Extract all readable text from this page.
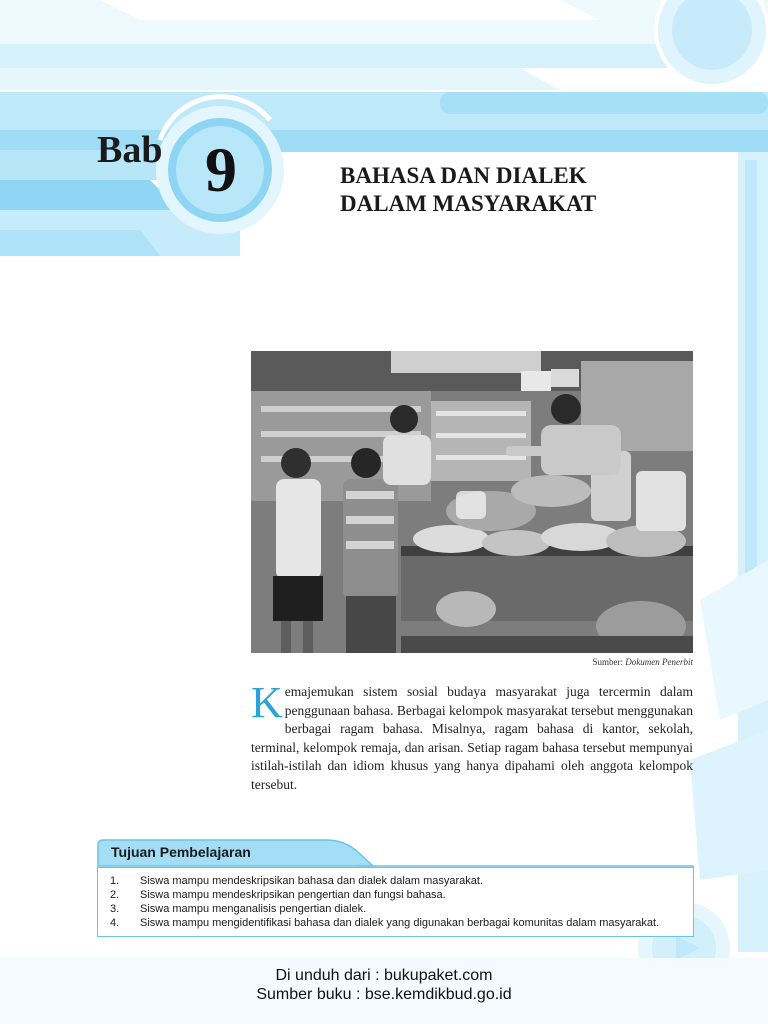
Bab 9	BAHASA DAN DIALEK
DALAM MASYARAKAT
Sumber: Dokumen Penerbit
K emajemukan sistem sosial budaya masyarakat juga tercermin dalam penggunaan bahasa. Berbagai kelompok masyarakat tersebut menggunakan berbagai ragam bahasa. Misalnya, ragam bahasa di kantor, sekolah, terminal, kelompok remaja, dan arisan. Setiap ragam bahasa tersebut mempunyai istilah-istilah dan idiom khusus yang hanya dipahami oleh anggota kelompok tersebut.
Tujuan Pembelajaran
1.	Siswa mampu mendeskripsikan bahasa dan dialek dalam masyarakat.
2.	Siswa mampu mendeskripsikan pengertian dan fungsi bahasa.
3.	Siswa mampu menganalisis pengertian dialek.
4.	Siswa mampu mengidentifikasi bahasa dan dialek yang digunakan berbagai komunitas dalam masyarakat.
Di unduh dari : bukupaket.com
Sumber buku : bse.kemdikbud.go.id
